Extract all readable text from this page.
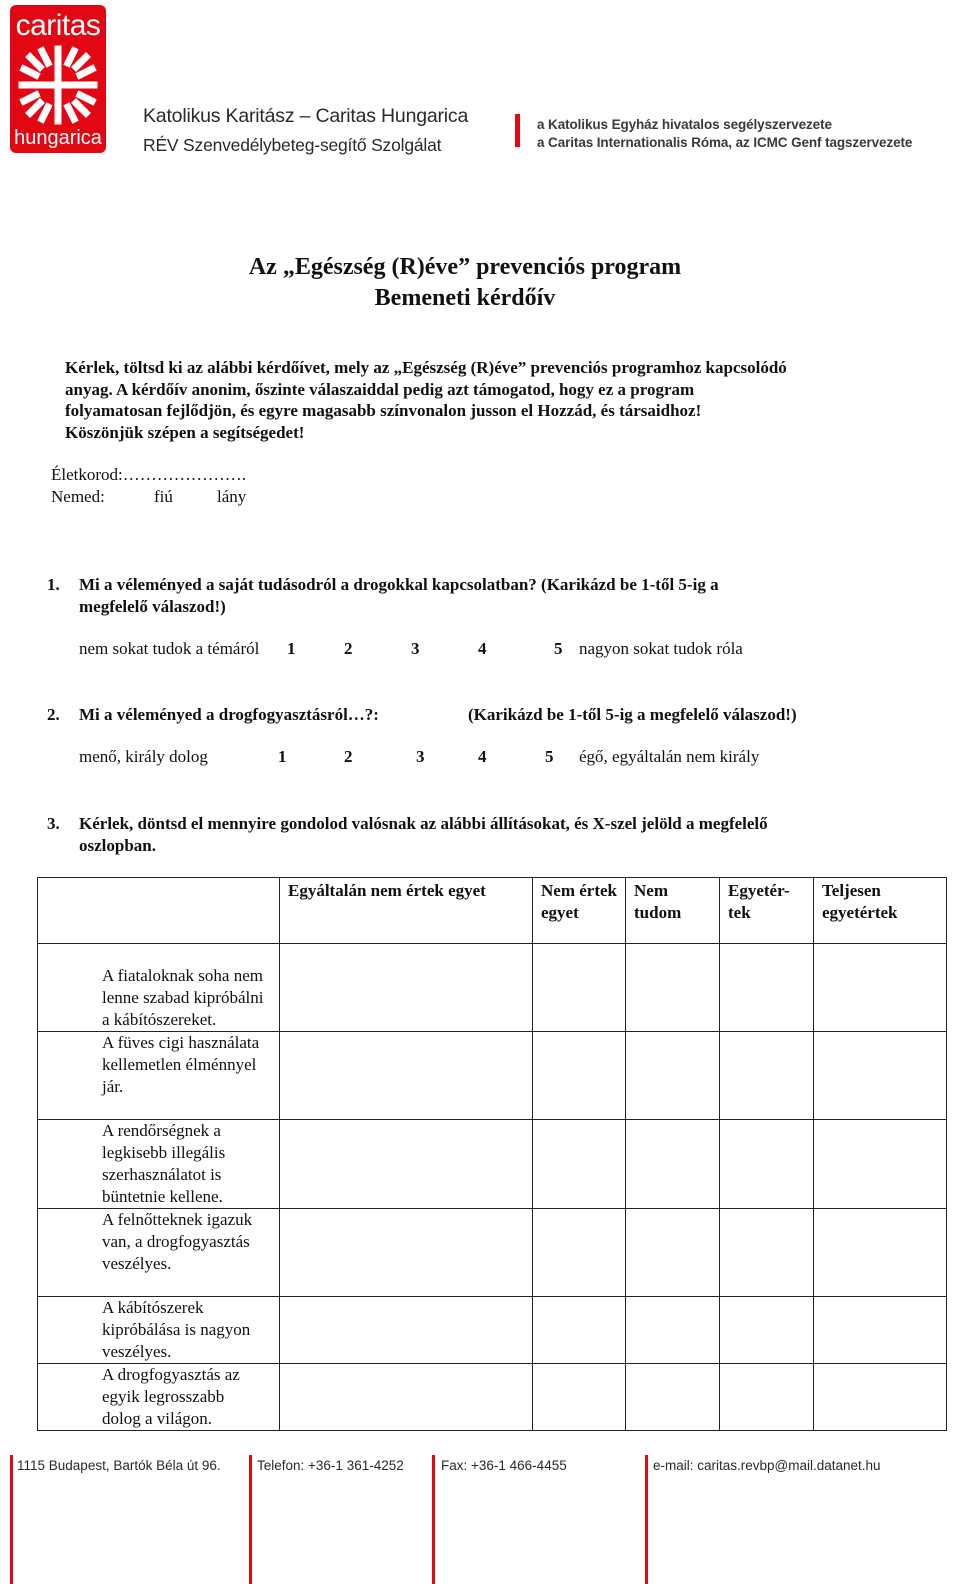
caritas
hungarica
Katolikus Karitász – Caritas Hungarica
RÉV Szenvedélybeteg-segítő Szolgálat
a Katolikus Egyház hivatalos segélyszervezete
a Caritas Internationalis Róma, az ICMC Genf tagszervezete
Az „Egészség (R)éve” prevenciós program
Bemeneti kérdőív
Kérlek, töltsd ki az alábbi kérdőívet, mely az „Egészség (R)éve” prevenciós programhoz kapcsolódó
anyag. A kérdőív anonim, őszinte válaszaiddal pedig azt támogatod, hogy ez a program
folyamatosan fejlődjön, és egyre magasabb színvonalon jusson el Hozzád, és társaidhoz!
Köszönjük szépen a segítségedet!
Életkorod:………………….
Nemed:	fiú	lány
1. Mi a véleményed a saját tudásodról a drogokkal kapcsolatban? (Karikázd be 1-től 5-ig a
megfelelő válaszod!)
nem sokat tudok a témáról 1	2	3	4	5 nagyon sokat tudok róla
2. Mi a véleményed a drogfogyasztásról…?:	(Karikázd be 1-től 5-ig a megfelelő válaszod!)
menő, király dolog	1	2	3	4	5 égő, egyáltalán nem király
3. Kérlek, döntsd el mennyire gondolod valósnak az alábbi állításokat, és X-szel jelöld a megfelelő
oszlopban.
	Egyáltalán nem értek egyet	Nem értek egyet	Nem tudom	Egyetér-tek	Teljesen egyetértek
A fiataloknak soha nem lenne szabad kipróbálni a kábítószereket.					
A füves cigi használata kellemetlen élménnyel jár.					
A rendőrségnek a legkisebb illegális szerhasználatot is büntetnie kellene.					
A felnőtteknek igazuk van, a drogfogyasztás veszélyes.					
A kábítószerek kipróbálása is nagyon veszélyes.					
A drogfogyasztás az egyik legrosszabb dolog a világon.					
1115 Budapest, Bartók Béla út 96.	Telefon: +36-1 361-4252	Fax: +36-1 466-4455	e-mail: caritas.revbp@mail.datanet.hu
